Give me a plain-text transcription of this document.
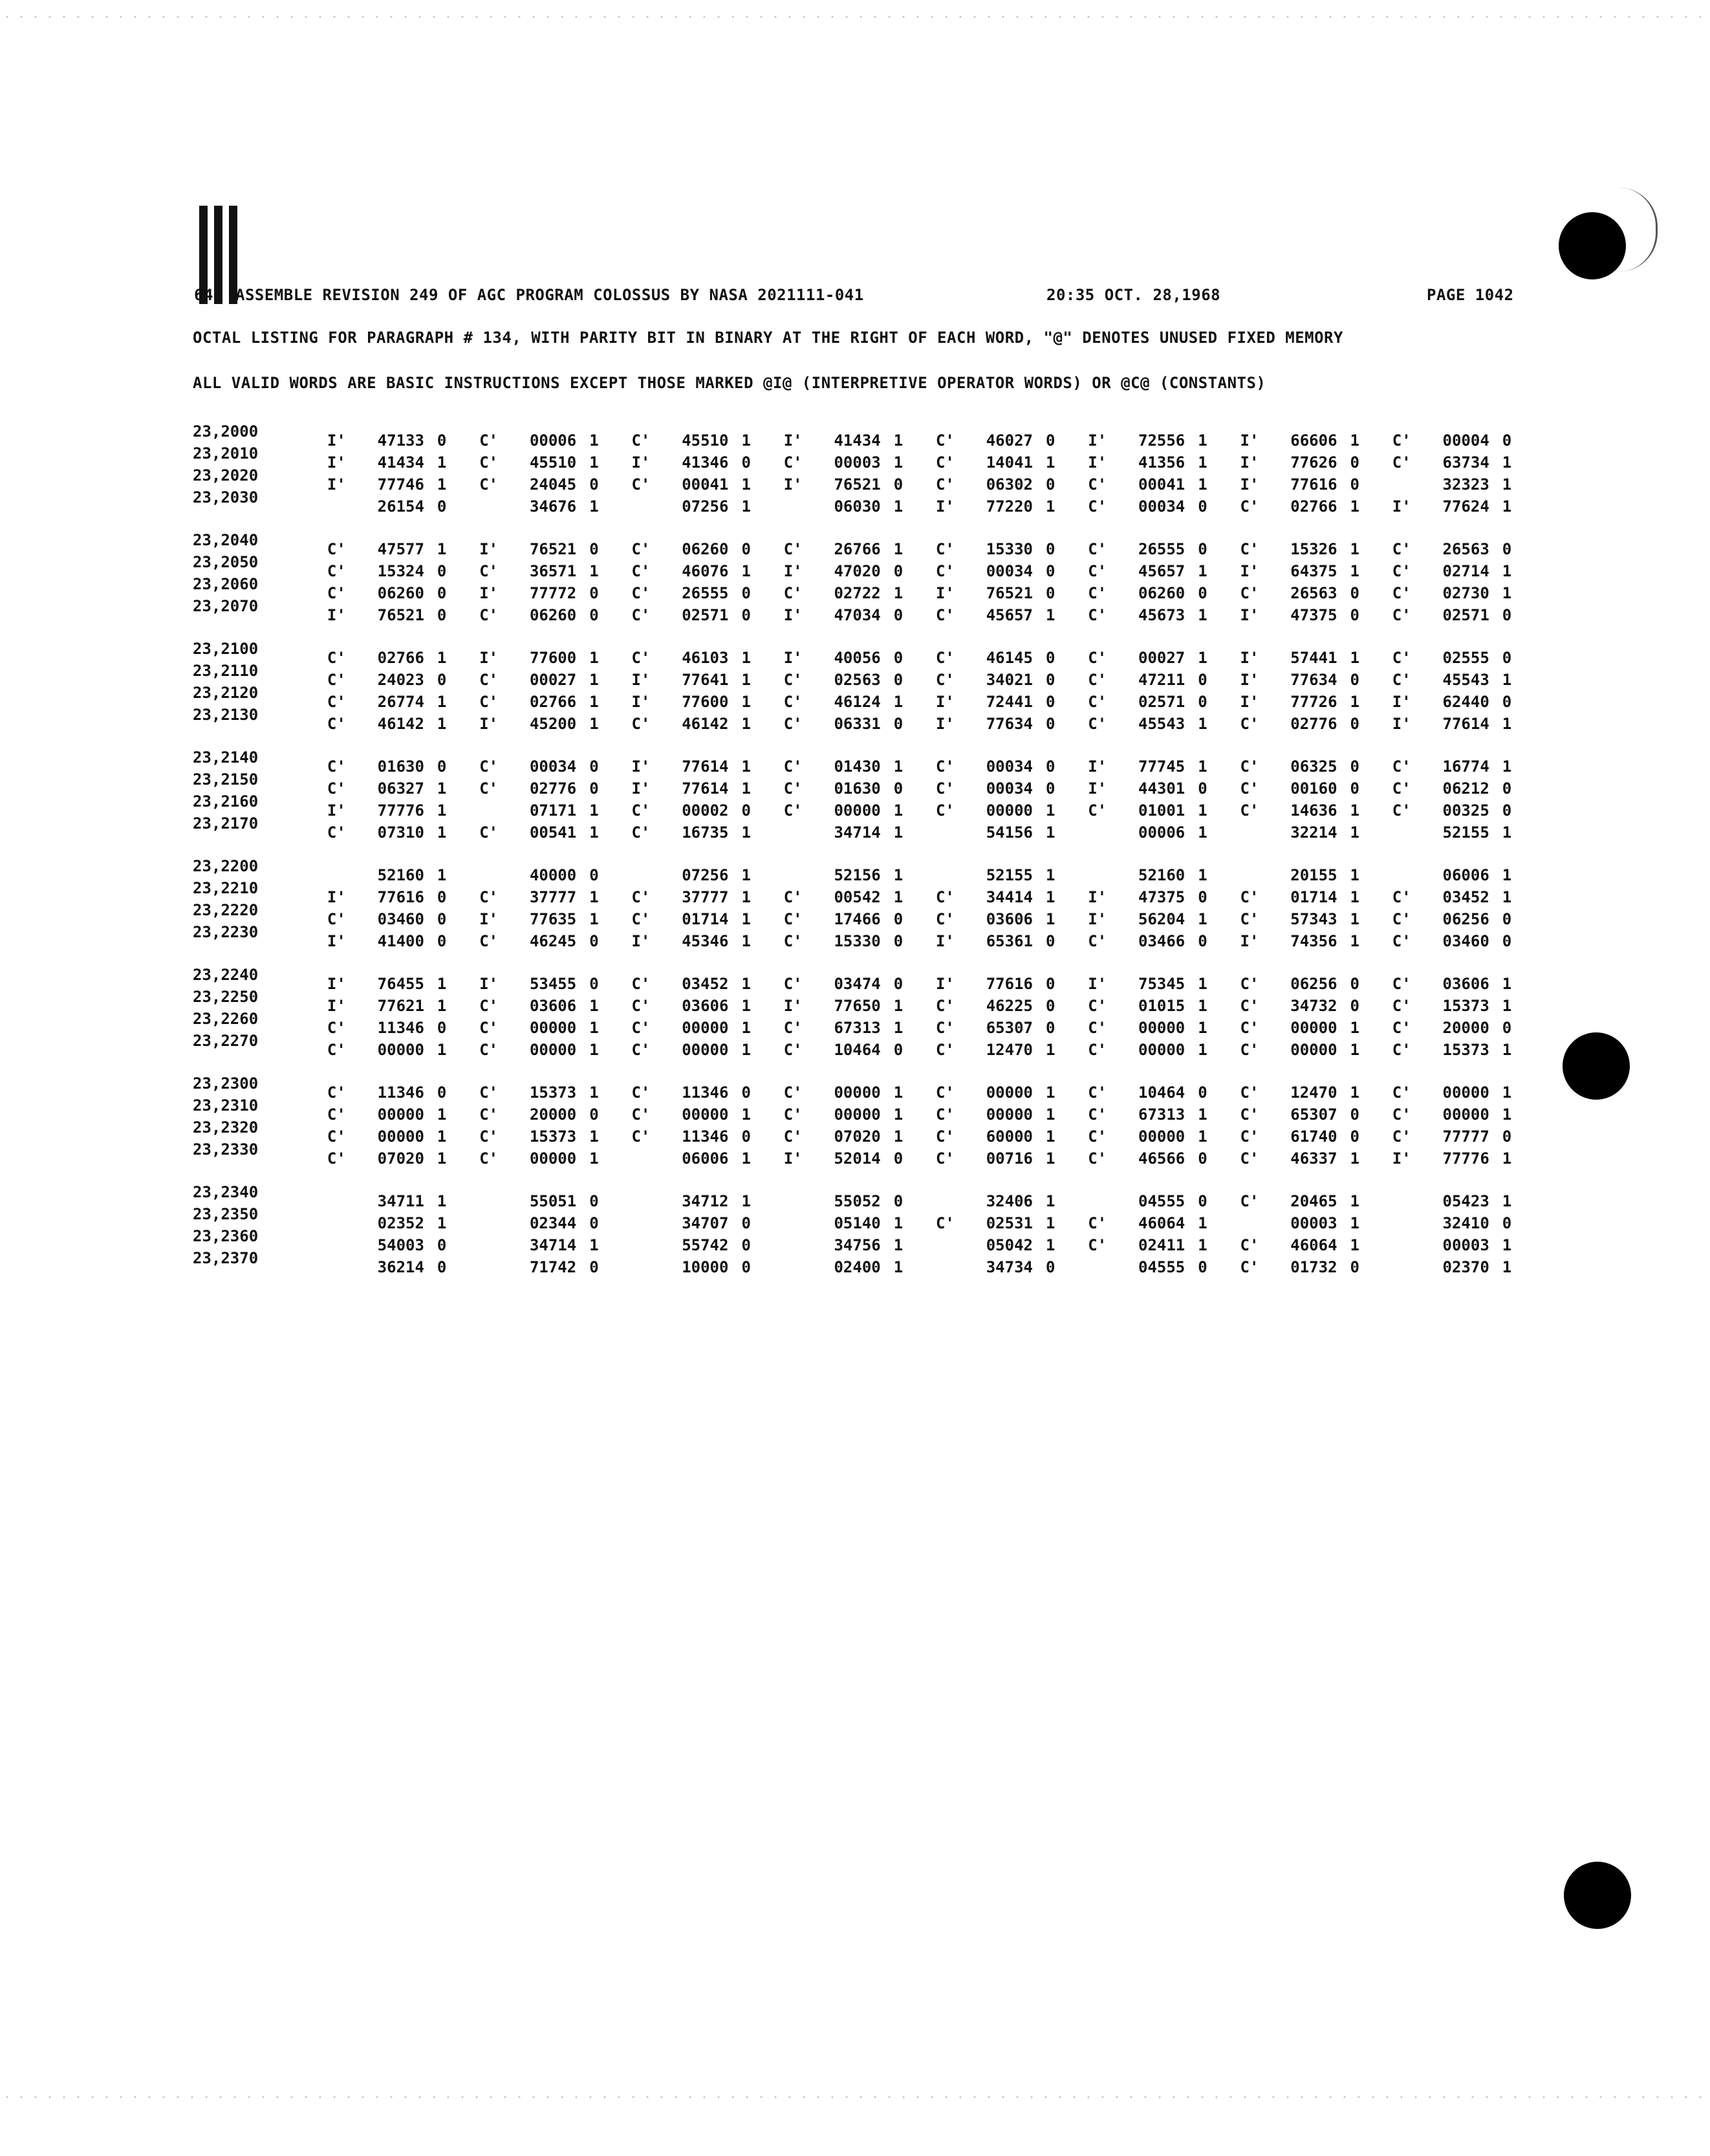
64 ASSEMBLE REVISION 249 OF AGC PROGRAM COLOSSUS BY NASA 2021111-041	20:35 OCT. 28,1968	PAGE 1042
OCTAL LISTING FOR PARAGRAPH # 134, WITH PARITY BIT IN BINARY AT THE RIGHT OF EACH WORD, "@" DENOTES UNUSED FIXED MEMORY
ALL VALID WORDS ARE BASIC INSTRUCTIONS EXCEPT THOSE MARKED @I@ (INTERPRETIVE OPERATOR WORDS) OR @C@ (CONSTANTS)
23,2000	I'	47133 0 C'	00006 1 C'	45510 1 I'	41434 1 C'	46027 0 I'	72556 1 I'	66606 1 C'	00004 0
23,2010	I'	41434 1 C'	45510 1 I'	41346 0 C'	00003 1 C'	14041 1 I'	41356 1 I'	77626 0 C'	63734 1
23,2020	I'	77746 1 C'	24045 0 C'	00041 1 I'	76521 0 C'	06302 0 C'	00041 1 I'	77616 0	32323 1
23,2030	26154 0	34676 1	07256 1	06030 1 I'	77220 1 C'	00034 0 C'	02766 1 I'	77624 1
23,2040	C'	47577 1 I'	76521 0 C'	06260 0 C'	26766 1 C'	15330 0 C'	26555 0 C'	15326 1 C'	26563 0
23,2050	C'	15324 0 C'	36571 1 C'	46076 1 I'	47020 0 C'	00034 0 C'	45657 1 I'	64375 1 C'	02714 1
23,2060	C'	06260 0 I'	77772 0 C'	26555 0 C'	02722 1 I'	76521 0 C'	06260 0 C'	26563 0 C'	02730 1
23,2070	I'	76521 0 C'	06260 0 C'	02571 0 I'	47034 0 C'	45657 1 C'	45673 1 I'	47375 0 C'	02571 0
23,2100	C'	02766 1 I'	77600 1 C'	46103 1 I'	40056 0 C'	46145 0 C'	00027 1 I'	57441 1 C'	02555 0
23,2110	C'	24023 0 C'	00027 1 I'	77641 1 C'	02563 0 C'	34021 0 C'	47211 0 I'	77634 0 C'	45543 1
23,2120	C'	26774 1 C'	02766 1 I'	77600 1 C'	46124 1 I'	72441 0 C'	02571 0 I'	77726 1 I'	62440 0
23,2130	C'	46142 1 I'	45200 1 C'	46142 1 C'	06331 0 I'	77634 0 C'	45543 1 C'	02776 0 I'	77614 1
23,2140	C'	01630 0 C'	00034 0 I'	77614 1 C'	01430 1 C'	00034 0 I'	77745 1 C'	06325 0 C'	16774 1
23,2150	C'	06327 1 C'	02776 0 I'	77614 1 C'	01630 0 C'	00034 0 I'	44301 0 C'	00160 0 C'	06212 0
23,2160	I'	77776 1	07171 1 C'	00002 0 C'	00000 1 C'	00000 1 C'	01001 1 C'	14636 1 C'	00325 0
23,2170	C'	07310 1 C'	00541 1 C'	16735 1	34714 1	54156 1	00006 1	32214 1	52155 1
23,2200	52160 1	40000 0	07256 1	52156 1	52155 1	52160 1	20155 1	06006 1
23,2210	I'	77616 0 C'	37777 1 C'	37777 1 C'	00542 1 C'	34414 1 I'	47375 0 C'	01714 1 C'	03452 1
23,2220	C'	03460 0 I'	77635 1 C'	01714 1 C'	17466 0 C'	03606 1 I'	56204 1 C'	57343 1 C'	06256 0
23,2230	I'	41400 0 C'	46245 0 I'	45346 1 C'	15330 0 I'	65361 0 C'	03466 0 I'	74356 1 C'	03460 0
23,2240	I'	76455 1 I'	53455 0 C'	03452 1 C'	03474 0 I'	77616 0 I'	75345 1 C'	06256 0 C'	03606 1
23,2250	I'	77621 1 C'	03606 1 C'	03606 1 I'	77650 1 C'	46225 0 C'	01015 1 C'	34732 0 C'	15373 1
23,2260	C'	11346 0 C'	00000 1 C'	00000 1 C'	67313 1 C'	65307 0 C'	00000 1 C'	00000 1 C'	20000 0
23,2270	C'	00000 1 C'	00000 1 C'	00000 1 C'	10464 0 C'	12470 1 C'	00000 1 C'	00000 1 C'	15373 1
23,2300	C'	11346 0 C'	15373 1 C'	11346 0 C'	00000 1 C'	00000 1 C'	10464 0 C'	12470 1 C'	00000 1
23,2310	C'	00000 1 C'	20000 0 C'	00000 1 C'	00000 1 C'	00000 1 C'	67313 1 C'	65307 0 C'	00000 1
23,2320	C'	00000 1 C'	15373 1 C'	11346 0 C'	07020 1 C'	60000 1 C'	00000 1 C'	61740 0 C'	77777 0
23,2330	C'	07020 1 C'	00000 1	06006 1 I'	52014 0 C'	00716 1 C'	46566 0 C'	46337 1 I'	77776 1
23,2340	34711 1	55051 0	34712 1	55052 0	32406 1	04555 0 C'	20465 1	05423 1
23,2350	02352 1	02344 0	34707 0	05140 1 C'	02531 1 C'	46064 1	00003 1	32410 0
23,2360	54003 0	34714 1	55742 0	34756 1	05042 1 C'	02411 1 C'	46064 1	00003 1
23,2370	36214 0	71742 0	10000 0	02400 1	34734 0	04555 0 C'	01732 0	02370 1
